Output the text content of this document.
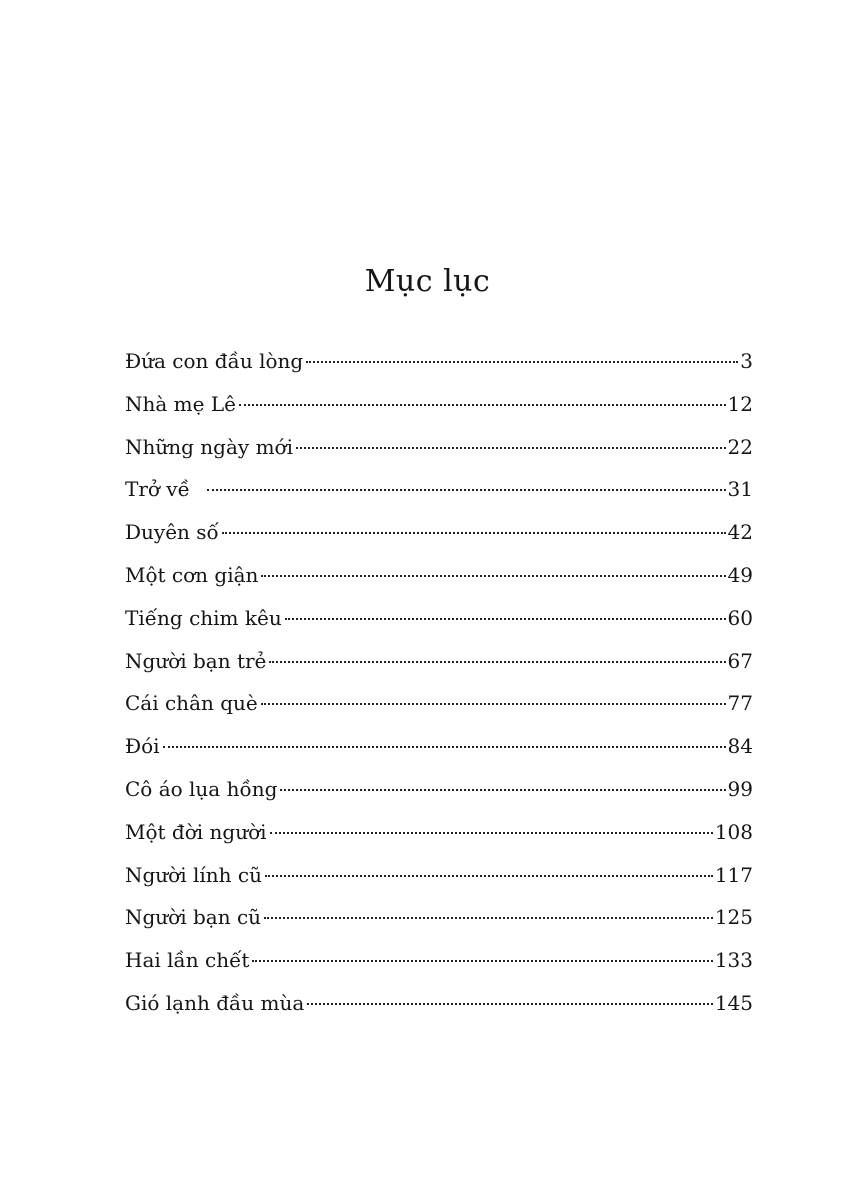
Mục lục
Đứa con đầu lòng	3
Nhà mẹ Lê	12
Những ngày mới	22
Trở về	31
Duyên số	42
Một cơn giận	49
Tiếng chim kêu	60
Người bạn trẻ	67
Cái chân què	77
Đói	84
Cô áo lụa hồng	99
Một đời người	108
Người lính cũ	117
Người bạn cũ	125
Hai lần chết	133
Gió lạnh đầu mùa	145
